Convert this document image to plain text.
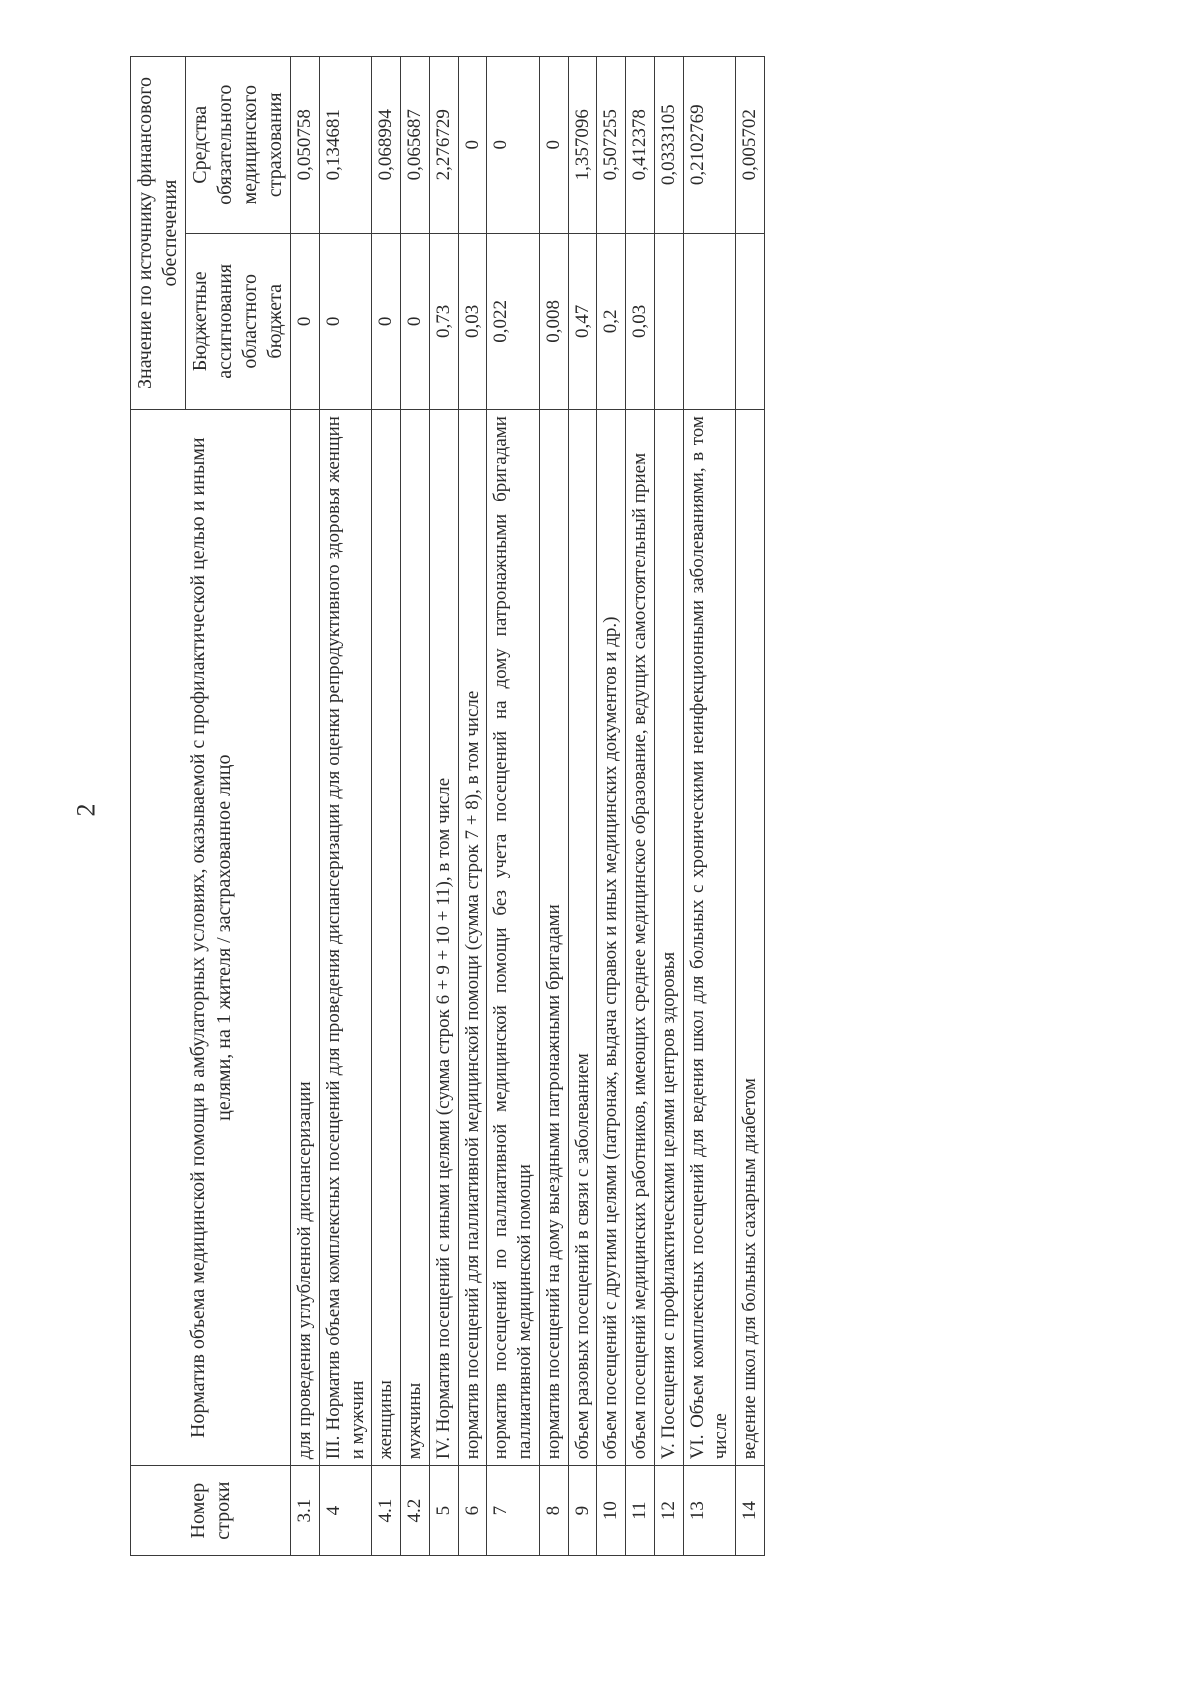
2
Номер строки	Норматив объема медицинской помощи в амбулаторных условиях, оказываемой с профилактической целью и иными целями, на 1 жителя / застрахованное лицо	Значение по источнику финансового обеспечения	
		Бюджетные ассигнования областного бюджета	Средства обязательного медицинского страхования
3.1	для проведения углубленной диспансеризации	0	0,050758
4	III. Норматив объема комплексных посещений для проведения диспансеризации для оценки репродуктивного здоровья женщин и мужчин	0	0,134681
4.1	женщины	0	0,068994
4.2	мужчины	0	0,065687
5	IV. Норматив посещений с иными целями (сумма строк 6 + 9 + 10 + 11), в том числе	0,73	2,276729
6	норматив посещений для паллиативной медицинской помощи (сумма строк 7 + 8), в том числе	0,03	0
7	норматив посещений по паллиативной медицинской помощи без учета посещений на дому патронажными бригадами паллиативной медицинской помощи	0,022	0
8	норматив посещений на дому выездными патронажными бригадами	0,008	0
9	объем разовых посещений в связи с заболеванием	0,47	1,357096
10	объем посещений с другими целями (патронаж, выдача справок и иных медицинских документов и др.)	0,2	0,507255
11	объем посещений медицинских работников, имеющих среднее медицинское образование, ведущих самостоятельный прием	0,03	0,412378
12	V. Посещения с профилактическими целями центров здоровья		0,0333105
13	VI. Объем комплексных посещений для ведения школ для больных с хроническими неинфекционными заболеваниями, в том числе		0,2102769
14	ведение школ для больных сахарным диабетом		0,005702
